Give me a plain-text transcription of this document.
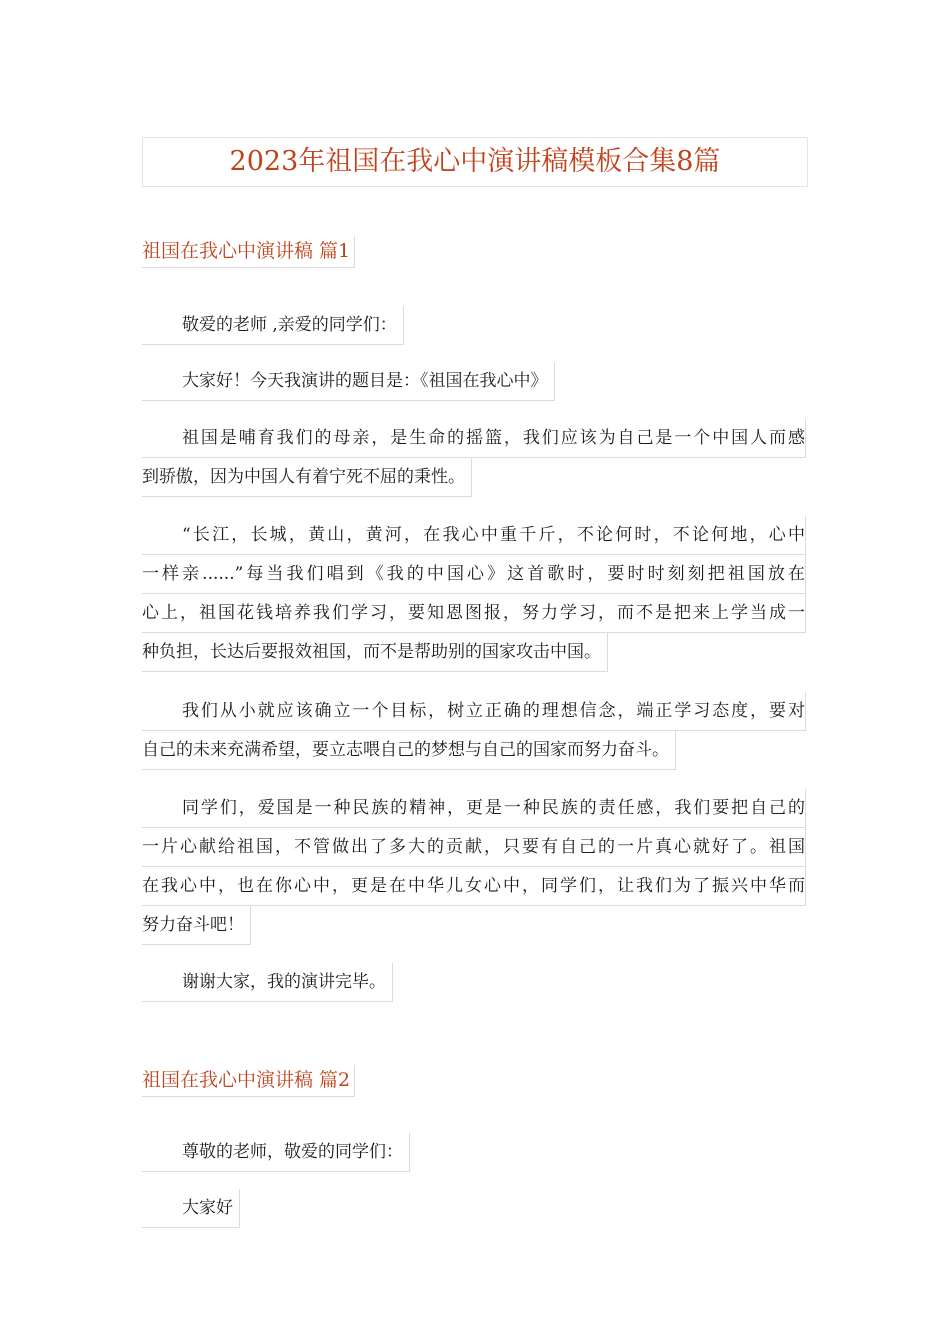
2023年祖国在我心中演讲稿模板合集8篇
祖国在我心中演讲稿 篇1
敬爱的老师 ,亲爱的同学们：
大家好！今天我演讲的题目是：《祖国在我心中》
祖国是哺育我们的母亲，是生命的摇篮，我们应该为自己是一个中国人而感
到骄傲，因为中国人有着宁死不屈的秉性。
“长江，长城，黄山，黄河，在我心中重千斤，不论何时，不论何地，心中
一样亲......”每当我们唱到《我的中国心》这首歌时，要时时刻刻把祖国放在
心上，祖国花钱培养我们学习，要知恩图报，努力学习，而不是把来上学当成一
种负担，长达后要报效祖国，而不是帮助别的国家攻击中国。
我们从小就应该确立一个目标，树立正确的理想信念，端正学习态度，要对
自己的未来充满希望，要立志喂自己的梦想与自己的国家而努力奋斗。
同学们，爱国是一种民族的精神，更是一种民族的责任感，我们要把自己的
一片心献给祖国，不管做出了多大的贡献，只要有自己的一片真心就好了。祖国
在我心中，也在你心中，更是在中华儿女心中，同学们，让我们为了振兴中华而
努力奋斗吧！
谢谢大家，我的演讲完毕。
祖国在我心中演讲稿 篇2
尊敬的老师，敬爱的同学们：
大家好
